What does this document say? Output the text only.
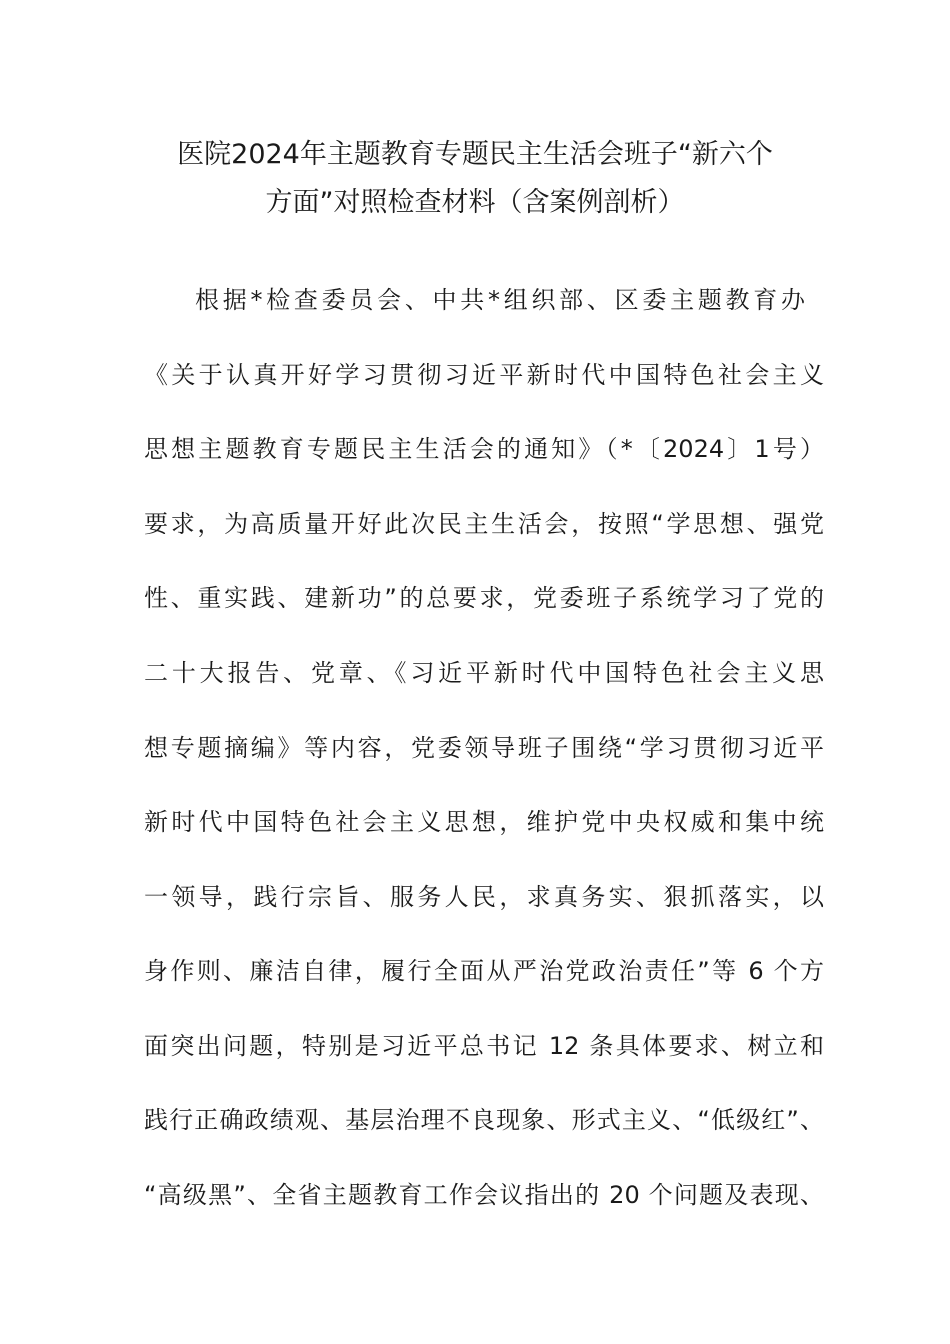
医院2024年主题教育专题民主生活会班子“新六个
方面”对照检查材料（含案例剖析）
根据*检查委员会、中共*组织部、区委主题教育办
《关于认真开好学习贯彻习近平新时代中国特色社会主义
思想主题教育专题民主生活会的通知》（*〔2024〕1号）
要求，为高质量开好此次民主生活会，按照“学思想、强党
性、重实践、建新功”的总要求，党委班子系统学习了党的
二十大报告、党章、《习近平新时代中国特色社会主义思
想专题摘编》等内容，党委领导班子围绕“学习贯彻习近平
新时代中国特色社会主义思想，维护党中央权威和集中统
一领导，践行宗旨、服务人民，求真务实、狠抓落实，以
身作则、廉洁自律，履行全面从严治党政治责任”等 6 个方
面突出问题，特别是习近平总书记 12 条具体要求、树立和
践行正确政绩观、基层治理不良现象、形式主义、“低级红”、
“高级黑”、全省主题教育工作会议指出的 20 个问题及表现、
